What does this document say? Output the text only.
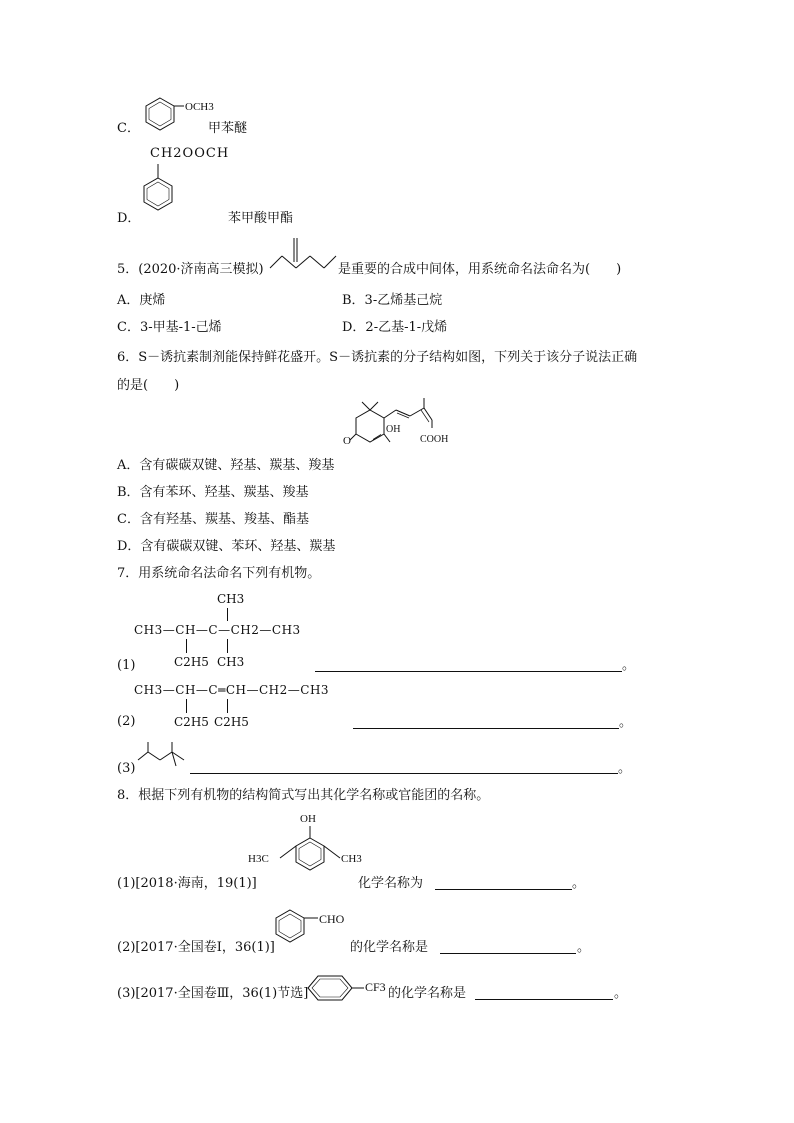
C．
OCH3
甲苯醚
CH2OOCH
D．	苯甲酸甲酯
5．(2020·济南高三模拟)	是重要的合成中间体，用系统命名法命名为(　　)
A．庚烯	B．3-乙烯基己烷
C．3-甲基-1-己烯	D．2-乙基-1-戊烯
6．S－诱抗素制剂能保持鲜花盛开。S－诱抗素的分子结构如图，下列关于该分子说法正确
的是(　　)
O
OH
COOH
A．含有碳碳双键、羟基、羰基、羧基
B．含有苯环、羟基、羰基、羧基
C．含有羟基、羰基、羧基、酯基
D．含有碳碳双键、苯环、羟基、羰基
7．用系统命名法命名下列有机物。
CH3
CH3—CH—C—CH2—CH3
C2H5 CH3
(1)	。
CH3—CH—C═CH—CH2—CH3
C2H5 C2H5
(2)	。
(3)	。
8．根据下列有机物的结构简式写出其化学名称或官能团的名称。
OH
H3C	CH3
(1)[2018·海南，19(1)]	化学名称为	。
CHO
(2)[2017·全国卷Ⅰ，36(1)]	的化学名称是	。
(3)[2017·全国卷Ⅲ，36(1)节选]	CF3 的化学名称是	。
